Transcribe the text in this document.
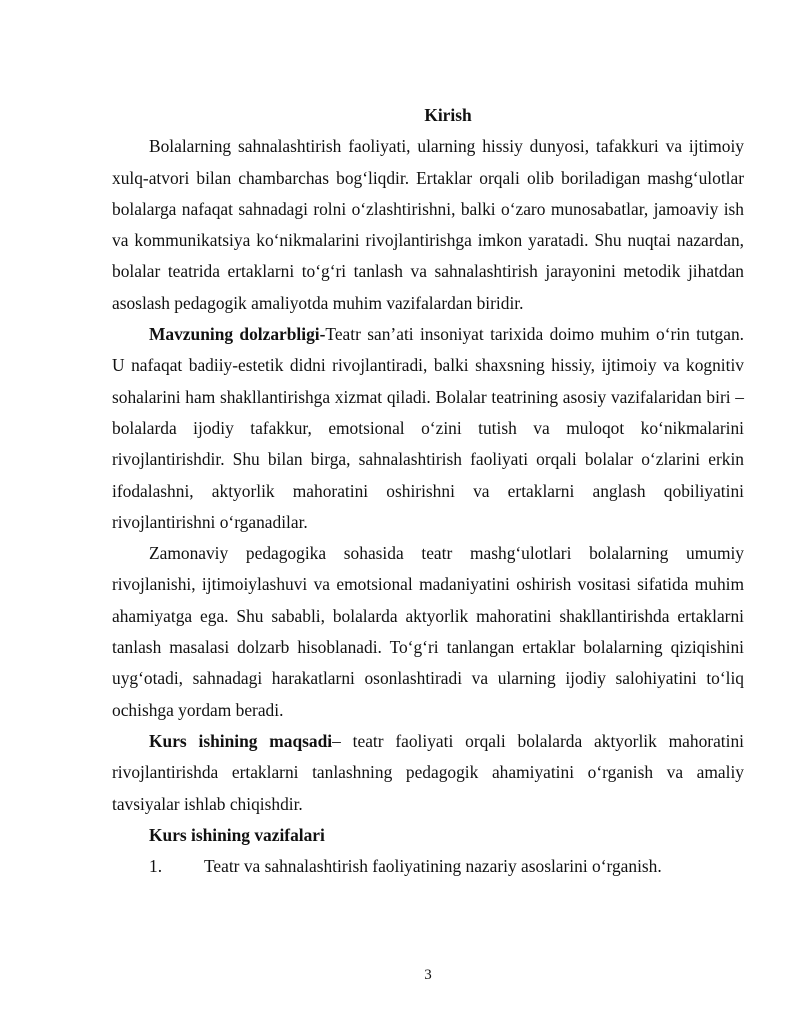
Kirish

Bolalarning sahnalashtirish faoliyati, ularning hissiy dunyosi, tafakkuri va ijtimoiy xulq-atvori bilan chambarchas bog‘liqdir. Ertaklar orqali olib boriladigan mashg‘ulotlar bolalarga nafaqat sahnadagi rolni o‘zlashtirishni, balki o‘zaro munosabatlar, jamoaviy ish va kommunikatsiya ko‘nikmalarini rivojlantirishga imkon yaratadi. Shu nuqtai nazardan, bolalar teatrida ertaklarni to‘g‘ri tanlash va sahnalashtirish jarayonini metodik jihatdan asoslash pedagogik amaliyotda muhim vazifalardan biridir.

Mavzuning dolzarbligi-Teatr san’ati insoniyat tarixida doimo muhim o‘rin tutgan. U nafaqat badiiy-estetik didni rivojlantiradi, balki shaxsning hissiy, ijtimoiy va kognitiv sohalarini ham shakllantirishga xizmat qiladi. Bolalar teatrining asosiy vazifalaridan biri – bolalarda ijodiy tafakkur, emotsional o‘zini tutish va muloqot ko‘nikmalarini rivojlantirishdir. Shu bilan birga, sahnalashtirish faoliyati orqali bolalar o‘zlarini erkin ifodalashni, aktyorlik mahoratini oshirishni va ertaklarni anglash qobiliyatini rivojlantirishni o‘rganadilar.

Zamonaviy pedagogika sohasida teatr mashg‘ulotlari bolalarning umumiy rivojlanishi, ijtimoiylashuvi va emotsional madaniyatini oshirish vositasi sifatida muhim ahamiyatga ega. Shu sababli, bolalarda aktyorlik mahoratini shakllantirishda ertaklarni tanlash masalasi dolzarb hisoblanadi. To‘g‘ri tanlangan ertaklar bolalarning qiziqishini uyg‘otadi, sahnadagi harakatlarni osonlashtiradi va ularning ijodiy salohiyatini to‘liq ochishga yordam beradi.

Kurs ishining maqsadi– teatr faoliyati orqali bolalarda aktyorlik mahoratini rivojlantirishda ertaklarni tanlashning pedagogik ahamiyatini o‘rganish va amaliy tavsiyalar ishlab chiqishdir.

Kurs ishining vazifalari

1.	Teatr va sahnalashtirish faoliyatining nazariy asoslarini o‘rganish.
3
